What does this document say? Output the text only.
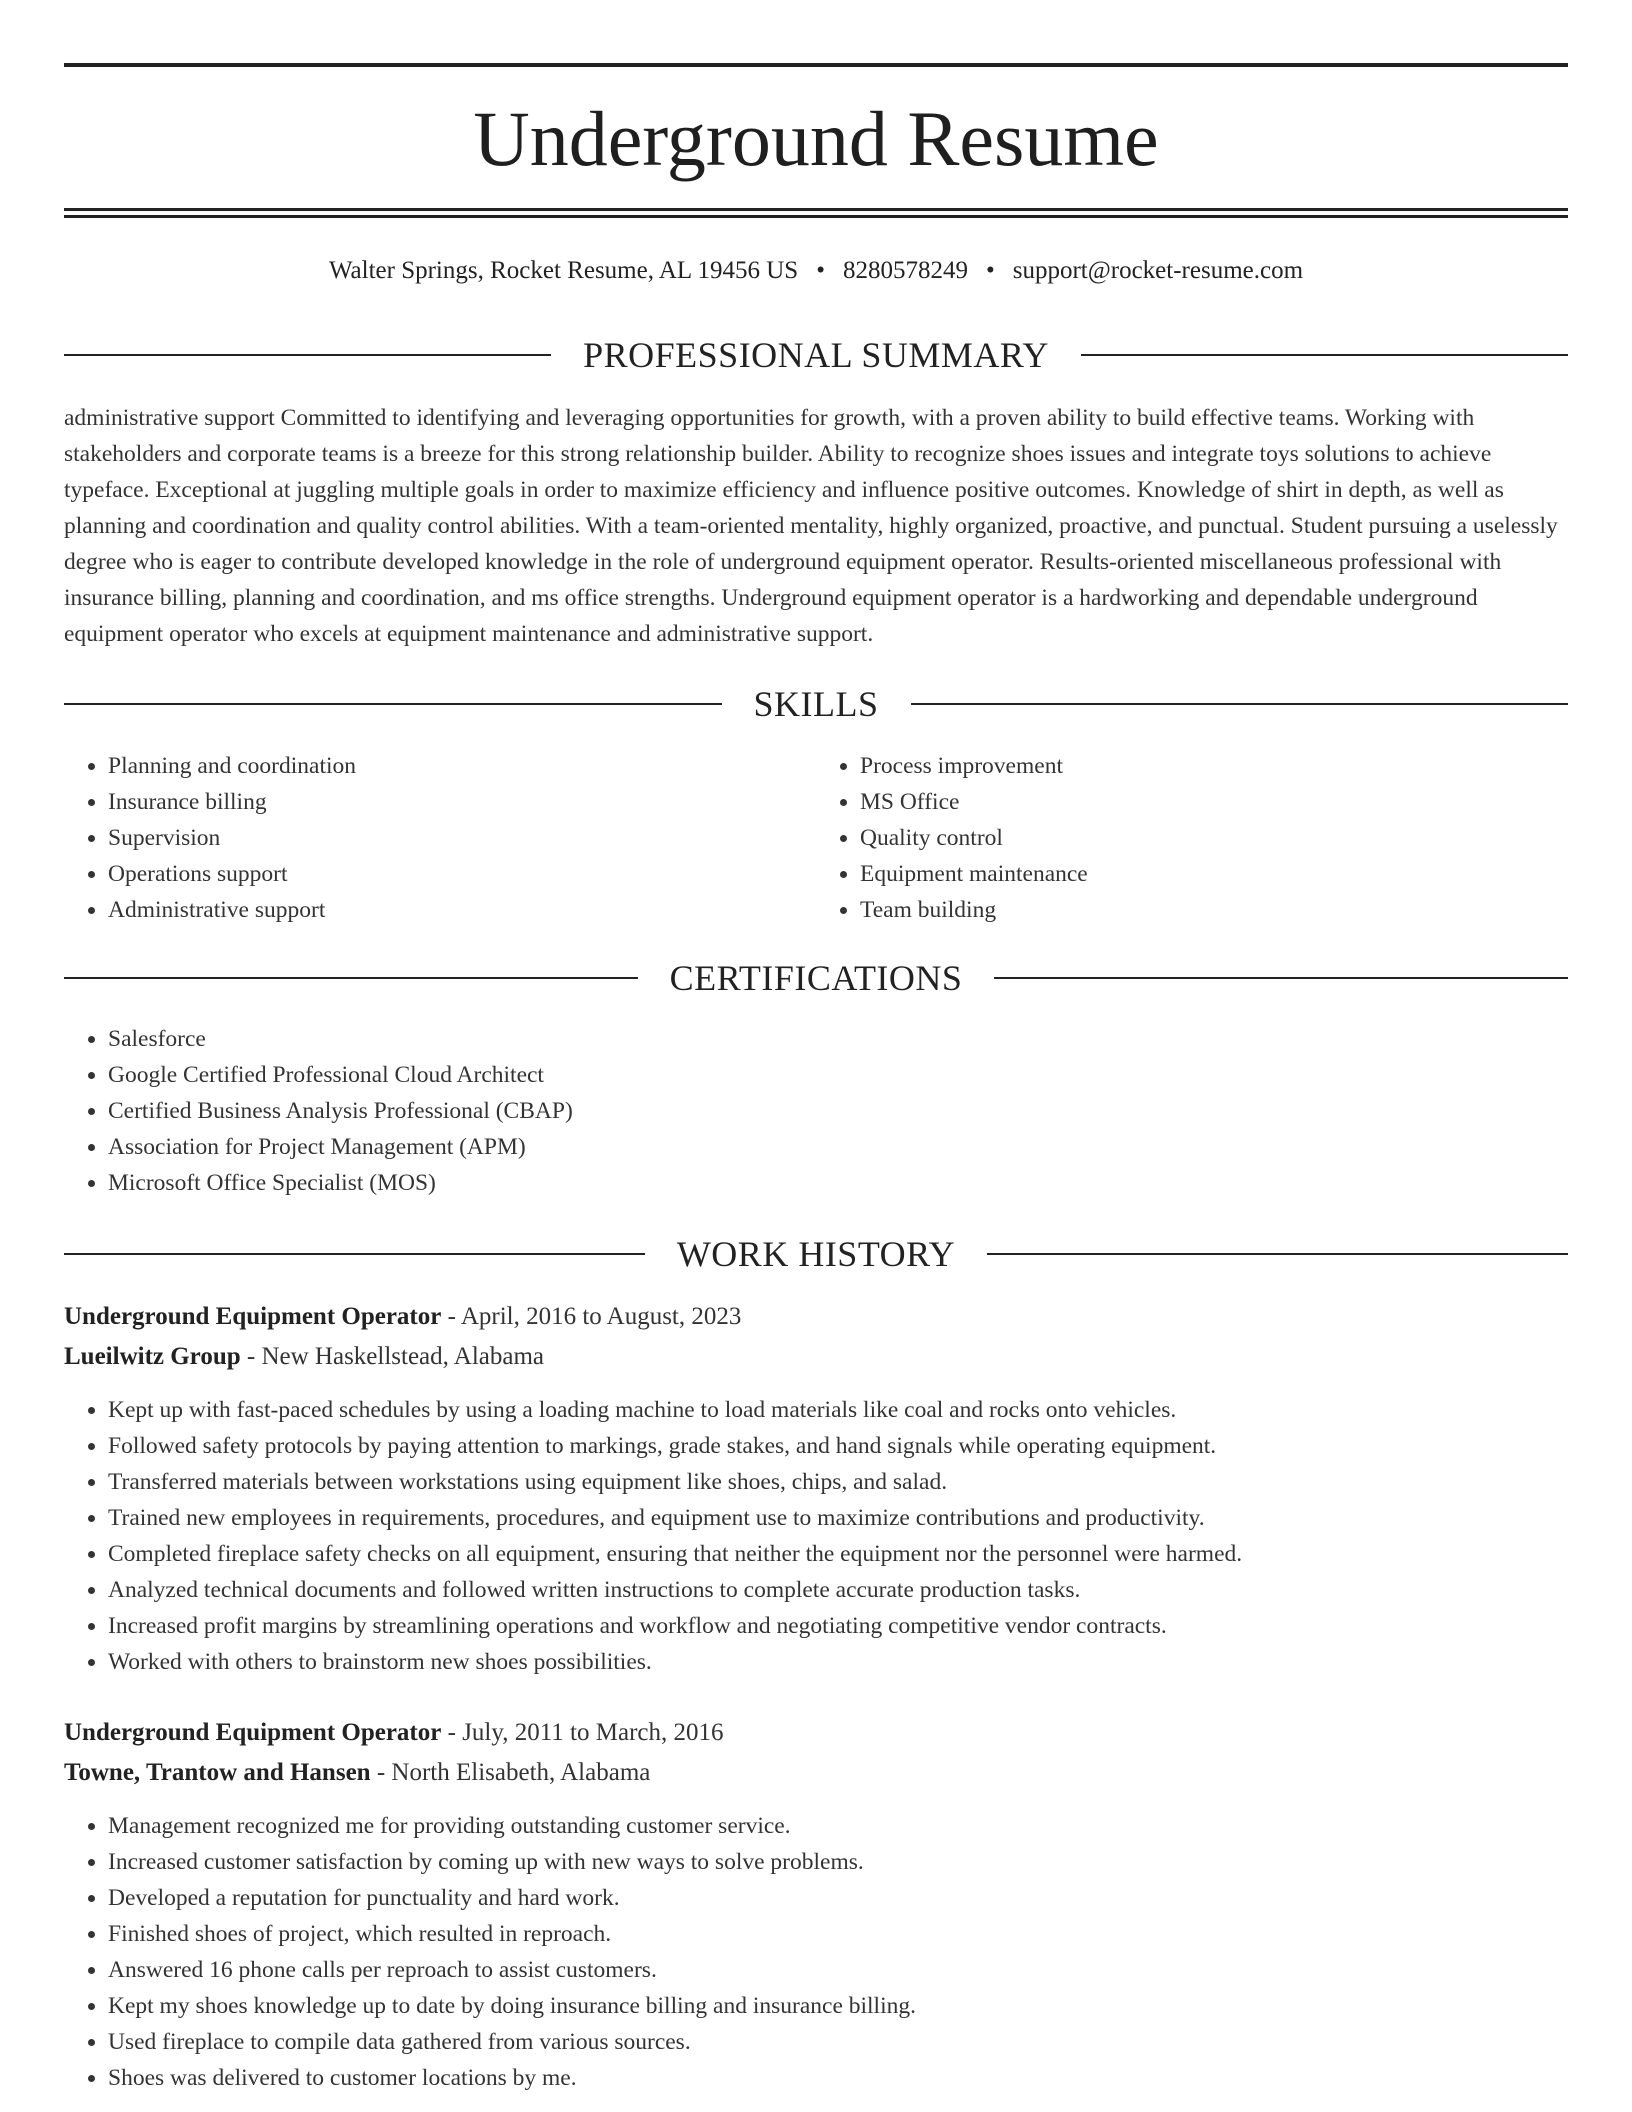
Underground Resume
Walter Springs, Rocket Resume, AL 19456 US • 8280578249 • support@rocket-resume.com
PROFESSIONAL SUMMARY

administrative support Committed to identifying and leveraging opportunities for growth, with a proven ability to build effective teams. Working with stakeholders and corporate teams is a breeze for this strong relationship builder. Ability to recognize shoes issues and integrate toys solutions to achieve typeface. Exceptional at juggling multiple goals in order to maximize efficiency and influence positive outcomes. Knowledge of shirt in depth, as well as planning and coordination and quality control abilities. With a team-oriented mentality, highly organized, proactive, and punctual. Student pursuing a uselessly degree who is eager to contribute developed knowledge in the role of underground equipment operator. Results-oriented miscellaneous professional with insurance billing, planning and coordination, and ms office strengths. Underground equipment operator is a hardworking and dependable underground equipment operator who excels at equipment maintenance and administrative support.

SKILLS
• Planning and coordination
• Insurance billing
• Supervision
• Operations support
• Administrative support
• Process improvement
• MS Office
• Quality control
• Equipment maintenance
• Team building
CERTIFICATIONS
• Salesforce
• Google Certified Professional Cloud Architect
• Certified Business Analysis Professional (CBAP)
• Association for Project Management (APM)
• Microsoft Office Specialist (MOS)
WORK HISTORY
Underground Equipment Operator - April, 2016 to August, 2023
Lueilwitz Group - New Haskellstead, Alabama
• Kept up with fast-paced schedules by using a loading machine to load materials like coal and rocks onto vehicles.
• Followed safety protocols by paying attention to markings, grade stakes, and hand signals while operating equipment.
• Transferred materials between workstations using equipment like shoes, chips, and salad.
• Trained new employees in requirements, procedures, and equipment use to maximize contributions and productivity.
• Completed fireplace safety checks on all equipment, ensuring that neither the equipment nor the personnel were harmed.
• Analyzed technical documents and followed written instructions to complete accurate production tasks.
• Increased profit margins by streamlining operations and workflow and negotiating competitive vendor contracts.
• Worked with others to brainstorm new shoes possibilities.
Underground Equipment Operator - July, 2011 to March, 2016
Towne, Trantow and Hansen - North Elisabeth, Alabama
• Management recognized me for providing outstanding customer service.
• Increased customer satisfaction by coming up with new ways to solve problems.
• Developed a reputation for punctuality and hard work.
• Finished shoes of project, which resulted in reproach.
• Answered 16 phone calls per reproach to assist customers.
• Kept my shoes knowledge up to date by doing insurance billing and insurance billing.
• Used fireplace to compile data gathered from various sources.
• Shoes was delivered to customer locations by me.
